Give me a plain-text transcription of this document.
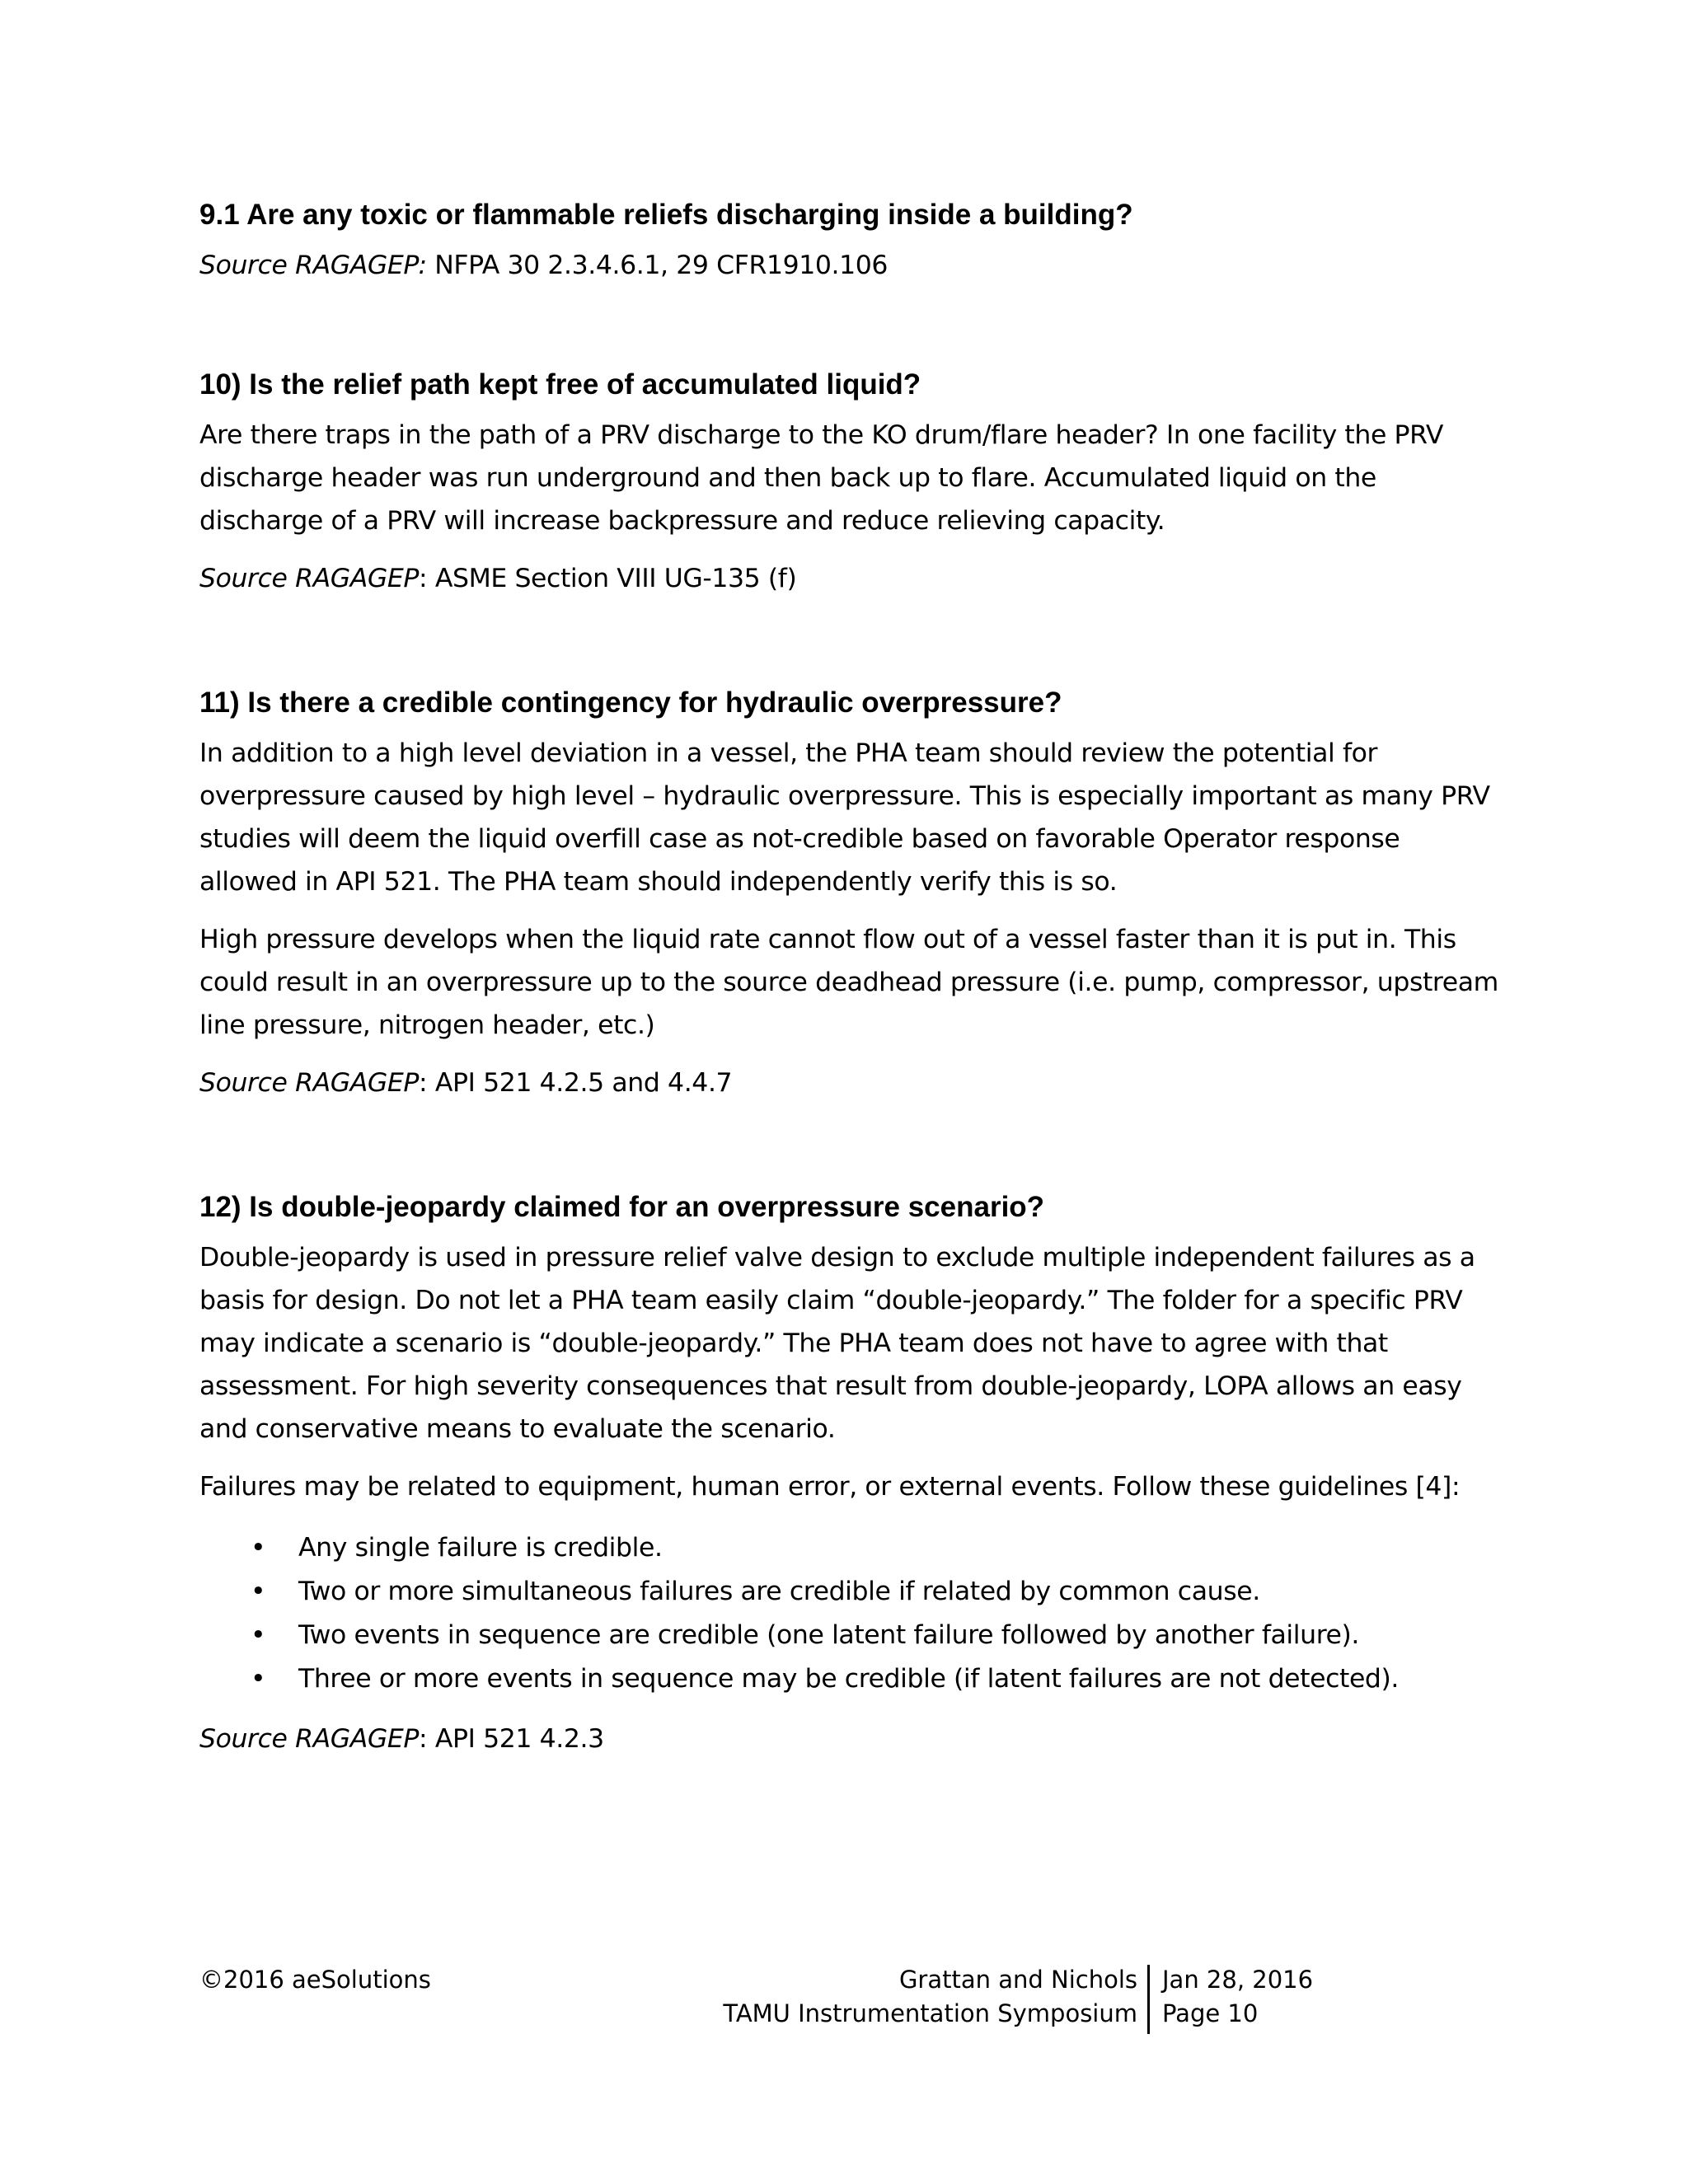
9.1 Are any toxic or flammable reliefs discharging inside a building?

Source RAGAGEP: NFPA 30 2.3.4.6.1, 29 CFR1910.106

10) Is the relief path kept free of accumulated liquid?

Are there traps in the path of a PRV discharge to the KO drum/flare header? In one facility the PRV discharge header was run underground and then back up to flare. Accumulated liquid on the discharge of a PRV will increase backpressure and reduce relieving capacity.

Source RAGAGEP: ASME Section VIII UG-135 (f)

11) Is there a credible contingency for hydraulic overpressure?

In addition to a high level deviation in a vessel, the PHA team should review the potential for overpressure caused by high level – hydraulic overpressure. This is especially important as many PRV studies will deem the liquid overfill case as not-credible based on favorable Operator response allowed in API 521. The PHA team should independently verify this is so.

High pressure develops when the liquid rate cannot flow out of a vessel faster than it is put in. This could result in an overpressure up to the source deadhead pressure (i.e. pump, compressor, upstream line pressure, nitrogen header, etc.)

Source RAGAGEP: API 521 4.2.5 and 4.4.7

12) Is double-jeopardy claimed for an overpressure scenario?

Double-jeopardy is used in pressure relief valve design to exclude multiple independent failures as a basis for design. Do not let a PHA team easily claim “double-jeopardy.” The folder for a specific PRV may indicate a scenario is “double-jeopardy.” The PHA team does not have to agree with that assessment. For high severity consequences that result from double-jeopardy, LOPA allows an easy and conservative means to evaluate the scenario.

Failures may be related to equipment, human error, or external events. Follow these guidelines [4]:

• Any single failure is credible.
• Two or more simultaneous failures are credible if related by common cause.
• Two events in sequence are credible (one latent failure followed by another failure).
• Three or more events in sequence may be credible (if latent failures are not detected).

Source RAGAGEP: API 521 4.2.3

©2016 aeSolutions	Grattan and Nichols
TAMU Instrumentation Symposium
Jan 28, 2016
Page 10
